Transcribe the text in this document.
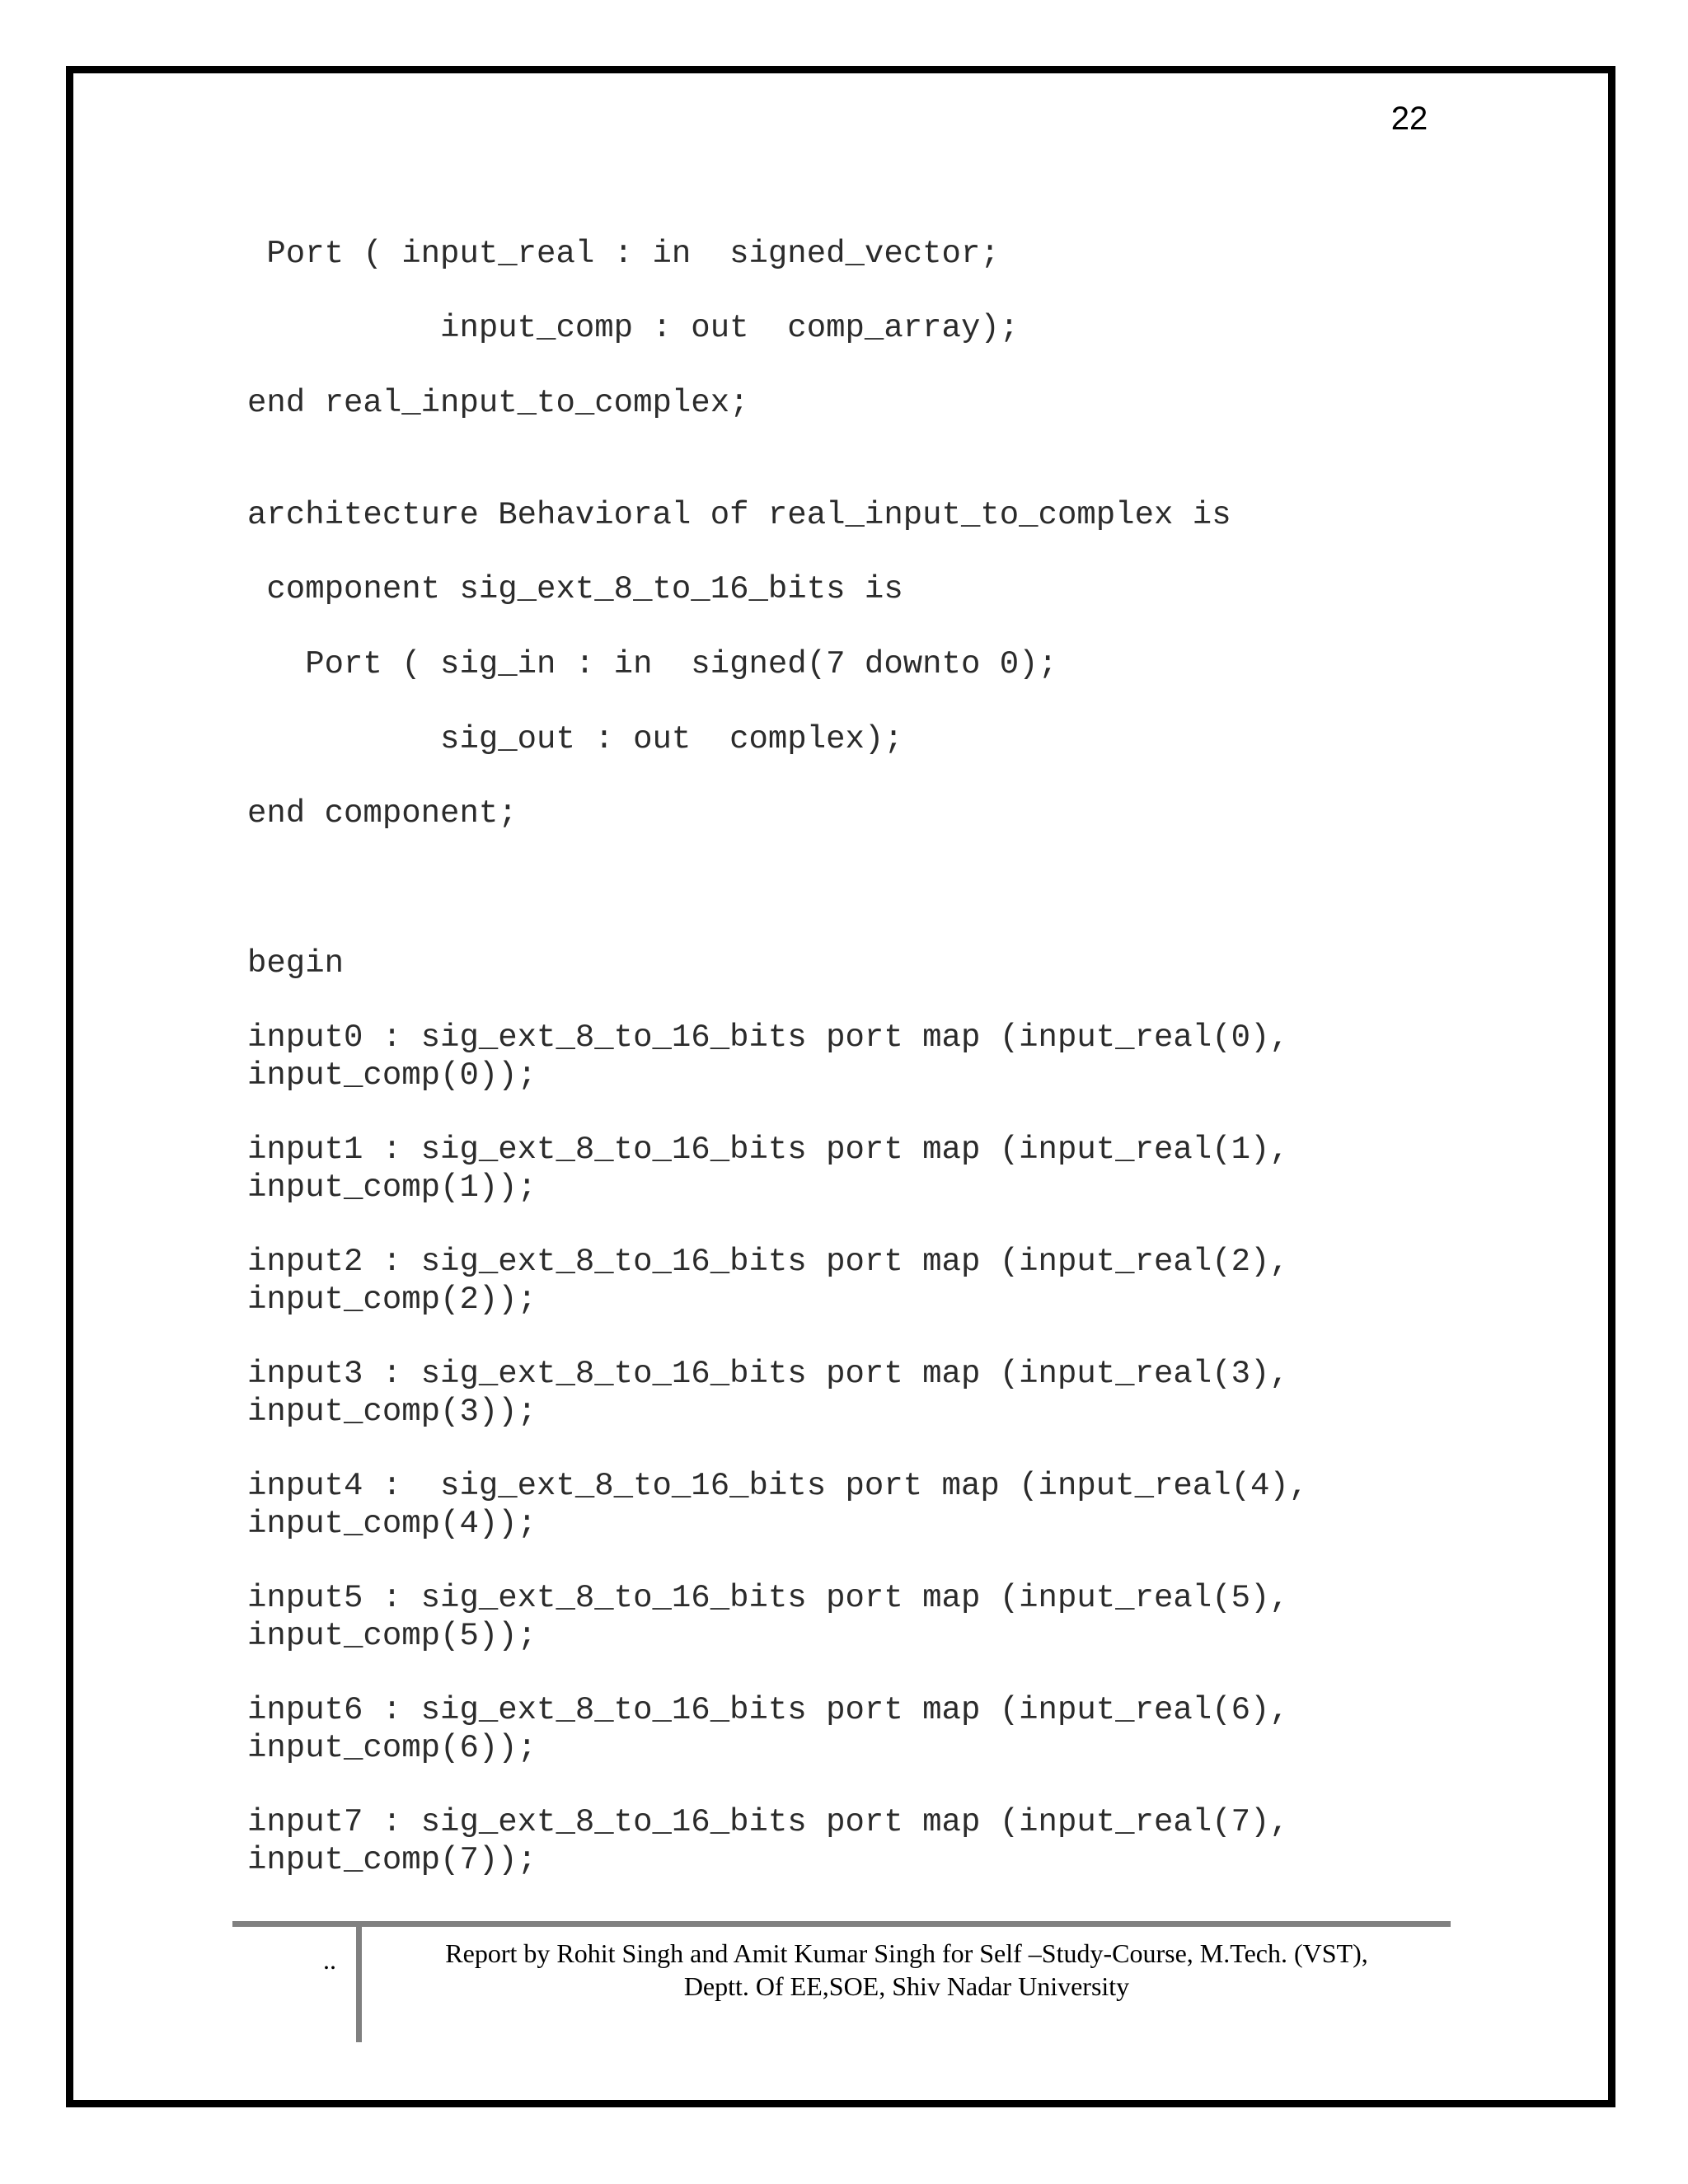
22
Port ( input_real : in  signed_vector;
input_comp : out  comp_array);
end real_input_to_complex;
architecture Behavioral of real_input_to_complex is
component sig_ext_8_to_16_bits is
Port ( sig_in : in  signed(7 downto 0);
sig_out : out  complex);
end component;
begin
input0 : sig_ext_8_to_16_bits port map (input_real(0),
input_comp(0));
input1 : sig_ext_8_to_16_bits port map (input_real(1),
input_comp(1));
input2 : sig_ext_8_to_16_bits port map (input_real(2),
input_comp(2));
input3 : sig_ext_8_to_16_bits port map (input_real(3),
input_comp(3));
input4 :  sig_ext_8_to_16_bits port map (input_real(4),
input_comp(4));
input5 : sig_ext_8_to_16_bits port map (input_real(5),
input_comp(5));
input6 : sig_ext_8_to_16_bits port map (input_real(6),
input_comp(6));
input7 : sig_ext_8_to_16_bits port map (input_real(7),
input_comp(7));
..	Report by Rohit Singh and Amit Kumar Singh for Self –Study-Course, M.Tech. (VST),
Deptt. Of EE,SOE, Shiv Nadar University
